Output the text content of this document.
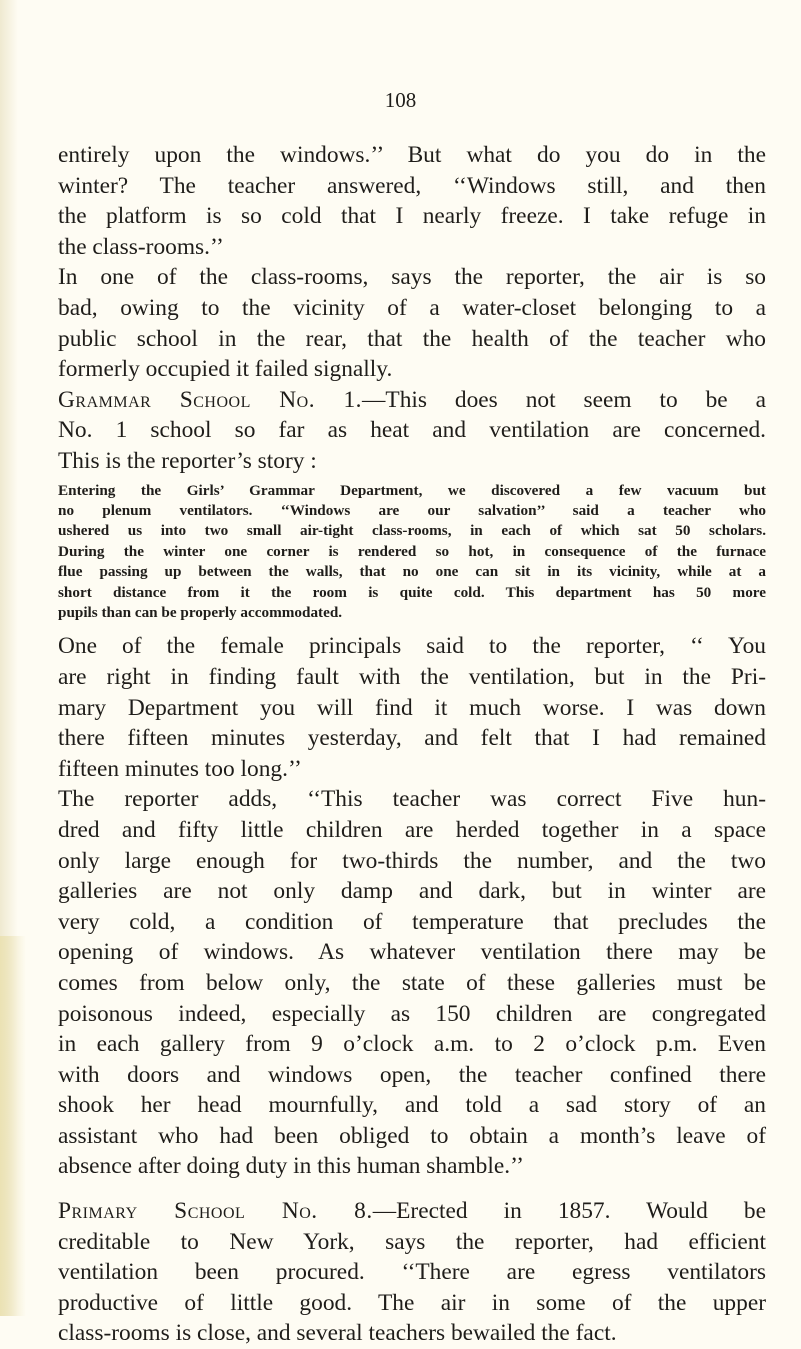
108
entirely upon the windows.’’ But what do you do in the
winter? The teacher answered, ‘‘Windows still, and then
the platform is so cold that I nearly freeze. I take refuge in
the class-rooms.’’
In one of the class-rooms, says the reporter, the air is so
bad, owing to the vicinity of a water-closet belonging to a
public school in the rear, that the health of the teacher who
formerly occupied it failed signally.
Grammar School No. 1.—This does not seem to be a
No. 1 school so far as heat and ventilation are concerned.
This is the reporter’s story :
Entering the Girls’ Grammar Department, we discovered a few vacuum but
no plenum ventilators. ‘‘Windows are our salvation’’ said a teacher who
ushered us into two small air-tight class-rooms, in each of which sat 50 scholars.
During the winter one corner is rendered so hot, in consequence of the furnace
flue passing up between the walls, that no one can sit in its vicinity, while at a
short distance from it the room is quite cold. This department has 50 more
pupils than can be properly accommodated.
One of the female principals said to the reporter, ‘‘ You
are right in finding fault with the ventilation, but in the Pri-
mary Department you will find it much worse. I was down
there fifteen minutes yesterday, and felt that I had remained
fifteen minutes too long.’’
The reporter adds, ‘‘This teacher was correct Five hun-
dred and fifty little children are herded together in a space
only large enough for two-thirds the number, and the two
galleries are not only damp and dark, but in winter are
very cold, a condition of temperature that precludes the
opening of windows. As whatever ventilation there may be
comes from below only, the state of these galleries must be
poisonous indeed, especially as 150 children are congregated
in each gallery from 9 o’clock a.m. to 2 o’clock p.m. Even
with doors and windows open, the teacher confined there
shook her head mournfully, and told a sad story of an
assistant who had been obliged to obtain a month’s leave of
absence after doing duty in this human shamble.’’
Primary School No. 8.—Erected in 1857. Would be
creditable to New York, says the reporter, had efficient
ventilation been procured. ‘‘There are egress ventilators
productive of little good. The air in some of the upper
class-rooms is close, and several teachers bewailed the fact.
